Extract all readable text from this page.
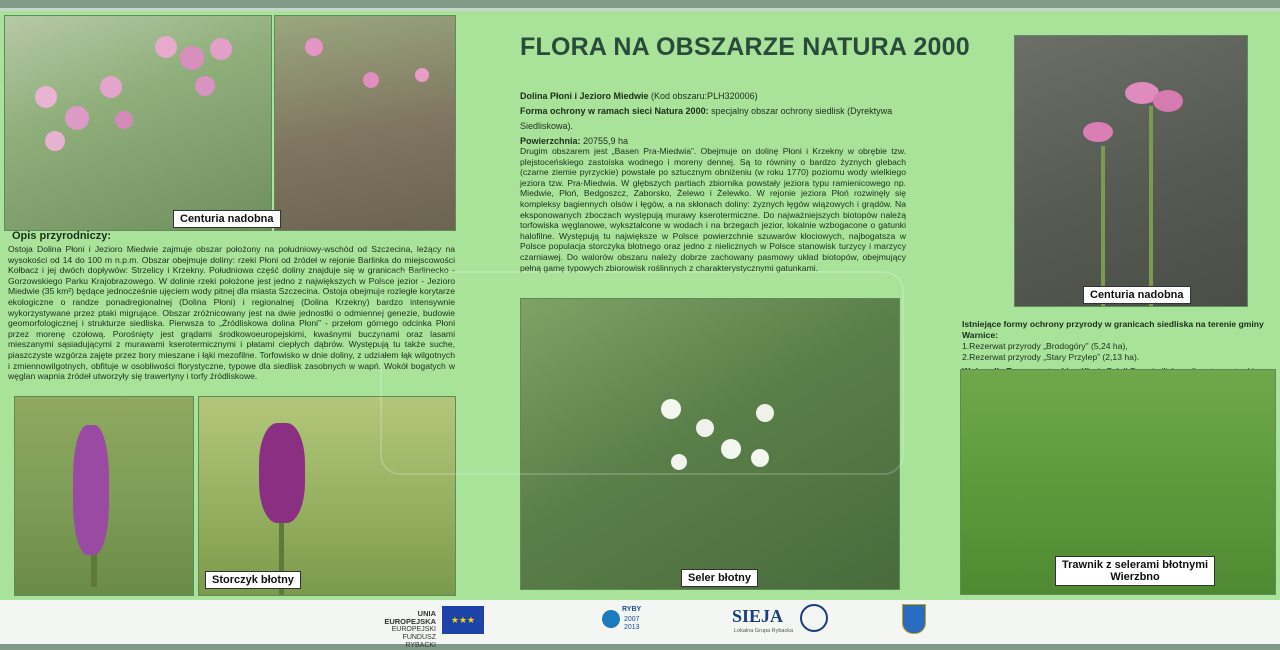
Centuria nadobna
FLORA NA OBSZARZE NATURA 2000
Dolina Płoni i Jezioro Miedwie (Kod obszaru:PLH320006)
Forma ochrony w ramach sieci Natura 2000: specjalny obszar ochrony siedlisk (Dyrektywa Siedliskowa).
Powierzchnia: 20755,9 ha
Drugim obszarem jest „Basen Pra-Miedwia”. Obejmuje on dolinę Płoni i Krzekny w obrębie tzw. plejstoceńskiego zastoiska wodnego i moreny dennej. Są to równiny o bardzo żyznych glebach (czarne ziemie pyrzyckie) powstałe po sztucznym obniżeniu (w roku 1770) poziomu wody wielkiego jeziora tzw. Pra-Miedwia. W głębszych partiach zbiornika powstały jeziora typu ramienicowego np. Miedwie, Płoń, Bedgoszcz, Zaborsko, Żelewo i Żelewko. W rejonie jeziora Płoń rozwinęły się kompleksy bagiennych olsów i łęgów, a na skłonach doliny: żyznych łęgów wiązowych i grądów. Na eksponowanych zboczach występują murawy kserotermiczne. Do najważniejszych biotopów należą torfowiska węglanowe, wykształcone w wodach i na brzegach jezior, lokalnie wzbogacone o gatunki halofilne. Występują tu największe w Polsce powierzchnie szuwarów kłociowych, najbogatsza w Polsce populacja storczyka błotnego oraz jedno z nielicznych w Polsce stanowisk turzycy i marzycy czarniawej. Do walorów obszaru należy dobrze zachowany pasmowy układ biotopów, obejmujący pełną gamę typowych zbiorowisk roślinnych z charakterystycznymi gatunkami.
Opis przyrodniczy:
Ostoja Dolina Płoni i Jezioro Miedwie zajmuje obszar położony na południowy-wschód od Szczecina, leżący na wysokości od 14 do 100 m n.p.m. Obszar obejmuje doliny: rzeki Płoni od źródeł w rejonie Barlinka do miejscowości Kołbacz i jej dwóch dopływów: Strzelicy i Krzekny. Południowa część doliny znajduje się w granicach Barlinecko - Gorzowskiego Parku Krajobrazowego. W dolinie rzeki położone jest jedno z największych w Polsce jezior - Jezioro Miedwie (35 km²) będące jednocześnie ujęciem wody pitnej dla miasta Szczecina. Ostoja obejmuje rozległe korytarze ekologiczne o randze ponadregionalnej (Dolina Płoni) i regionalnej (Dolina Krzekny) bardzo intensywnie wykorzystywane przez ptaki migrujące. Obszar zróżnicowany jest na dwie jednostki o odmiennej genezie, budowie geomorfologicznej i strukturze siedliska. Pierwsza to „Źródliskowa dolina Płoni” - przełom górnego odcinka Płoni przez morenę czołową. Porośnięty jest grądami środkowoeuropejskimi, kwaśnymi buczynami oraz lasami mieszanymi sąsiadującymi z murawami kserotermicznymi i płatami ciepłych dąbrów. Występują tu także suche, piaszczyste wzgórza zajęte przez bory mieszane i łąki mezofilne. Torfowisko w dnie doliny, z udziałem łąk wilgotnych i zmiennowilgotnych, obfituje w osobliwości florystyczne, typowe dla siedlisk zasobnych w wapń. Wokół bogatych w węglan wapnia źródeł utworzyły się trawertyny i torfy źródliskowe.
Storczyk błotny	Seler błotny
Centuria nadobna
Istniejące formy ochrony przyrody w granicach siedliska na terenie gminy Warnice:
1.Rezerwat przyrody „Brodogóry” (5,24 ha),
2.Rezerwat przyrody „Stary Przylep” (2,13 ha).
Trawnik z selerami błotnymi
Wierzbno
UNIA EUROPEJSKA
EUROPEJSKI
FUNDUSZ
RYBACKI
★★★
RYBY
2007
2013
SIEJA
Lokalna Grupa Rybacka
